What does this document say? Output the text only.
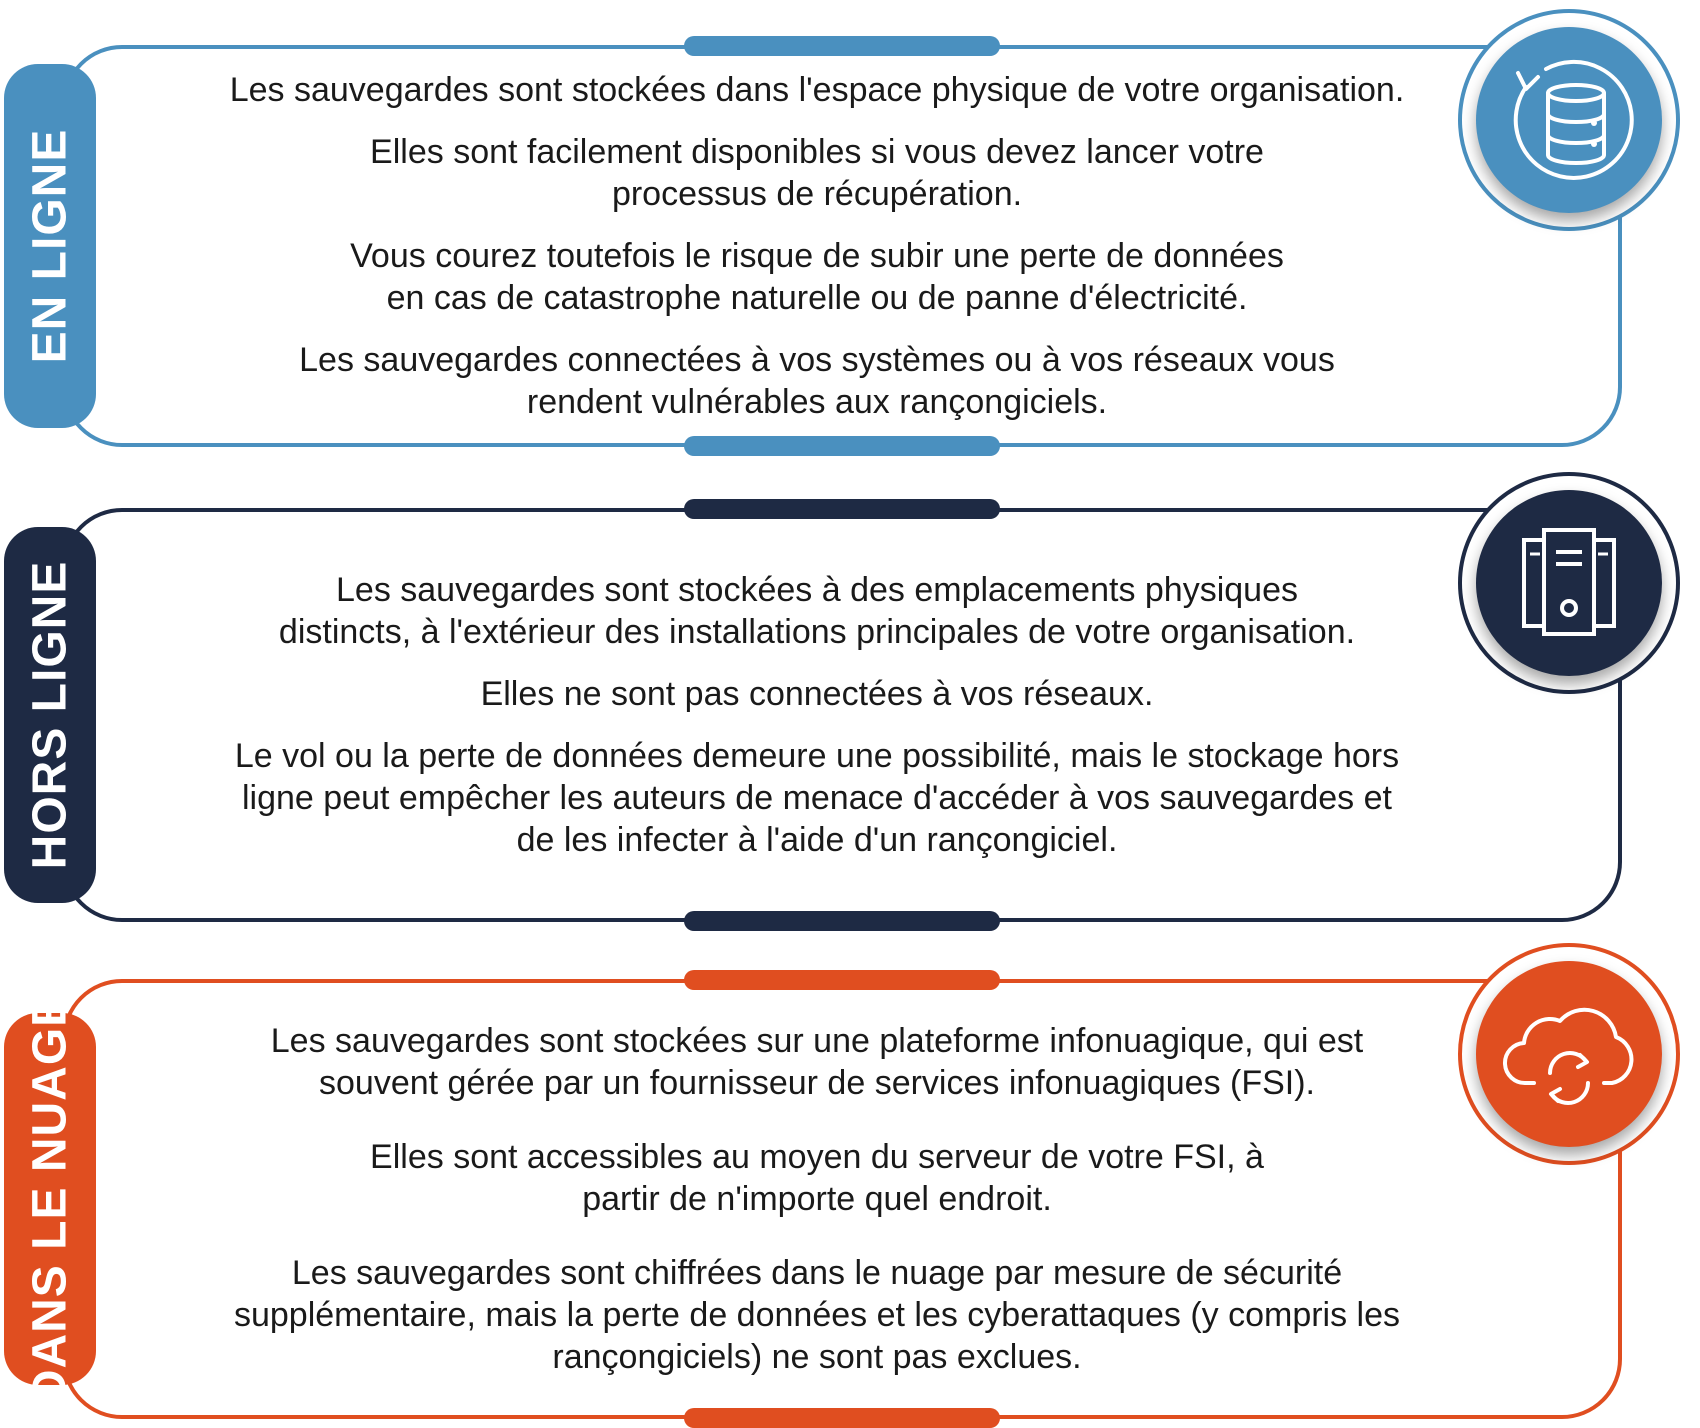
EN LIGNE
Les sauvegardes sont stockées dans l'espace physique de votre organisation.
Elles sont facilement disponibles si vous devez lancer votre processus de récupération.
Vous courez toutefois le risque de subir une perte de données en cas de catastrophe naturelle ou de panne d'électricité.
Les sauvegardes connectées à vos systèmes ou à vos réseaux vous rendent vulnérables aux rançongiciels.
HORS LIGNE	Les sauvegardes sont stockées à des emplacements physiques distincts, à l'extérieur des installations principales de votre organisation.
Elles ne sont pas connectées à vos réseaux.
Le vol ou la perte de données demeure une possibilité, mais le stockage hors ligne peut empêcher les auteurs de menace d'accéder à vos sauvegardes et de les infecter à l'aide d'un rançongiciel.
DANS LE NUAGE	Les sauvegardes sont stockées sur une plateforme infonuagique, qui est souvent gérée par un fournisseur de services infonuagiques (FSI).
Elles sont accessibles au moyen du serveur de votre FSI, à partir de n'importe quel endroit.
Les sauvegardes sont chiffrées dans le nuage par mesure de sécurité supplémentaire, mais la perte de données et les cyberattaques (y compris les rançongiciels) ne sont pas exclues.
